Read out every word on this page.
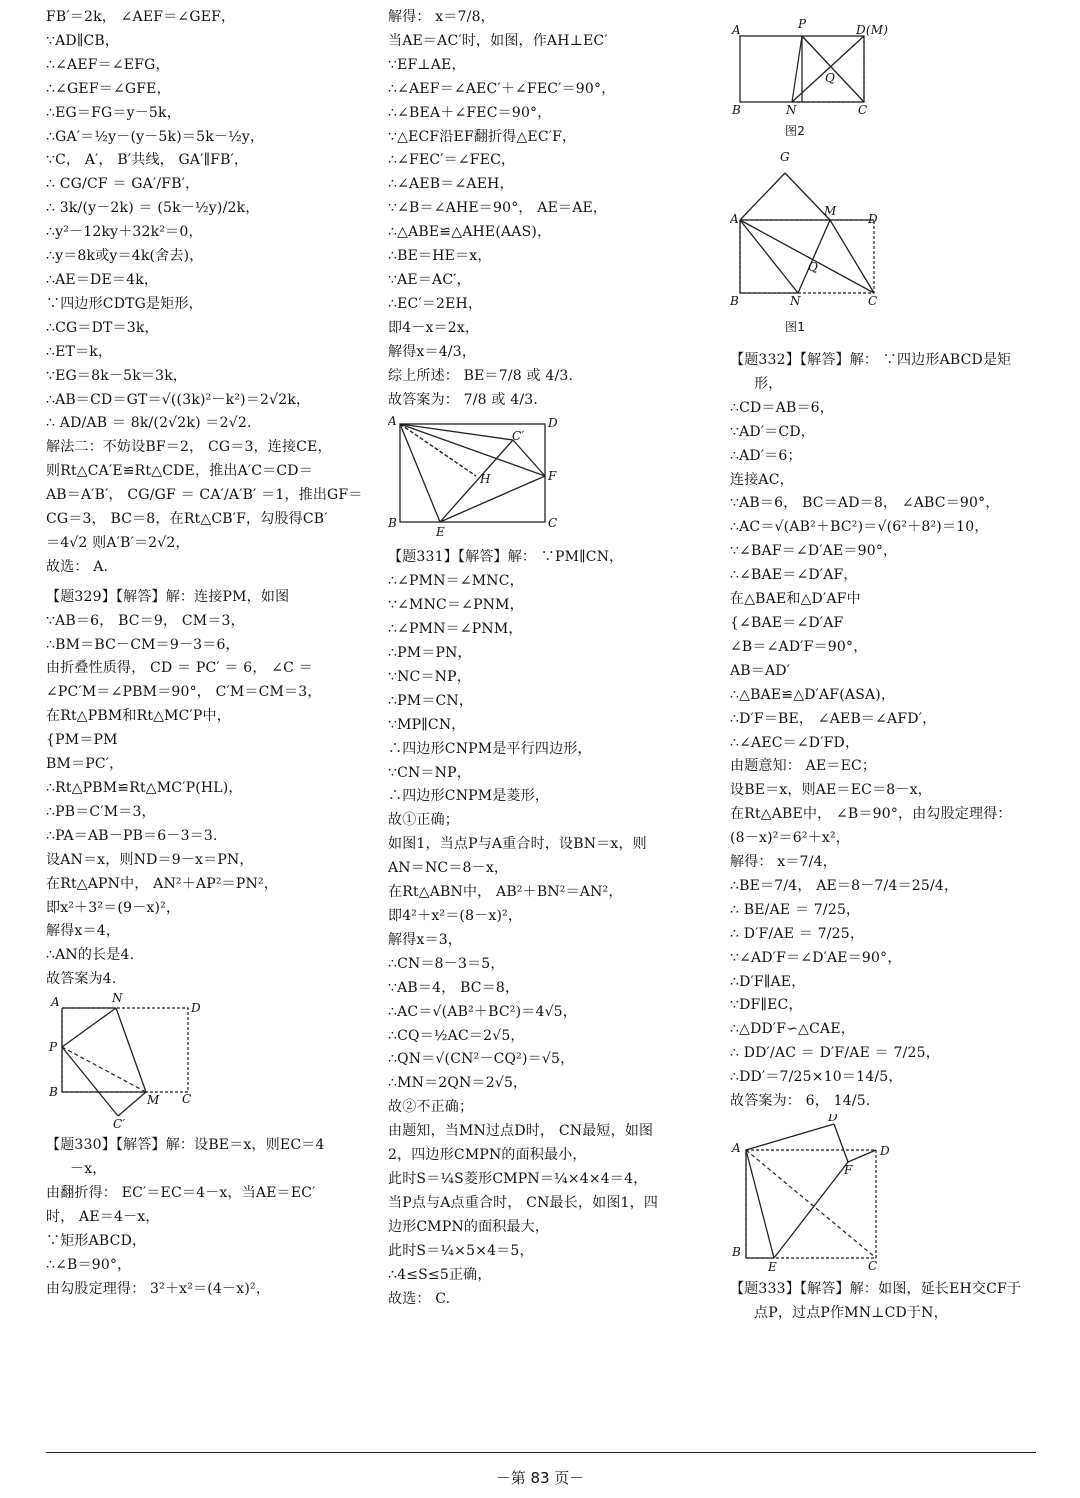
FB′＝2k， ∠AEF＝∠GEF，
∵AD∥CB，
∴∠AEF＝∠EFG，
∴∠GEF＝∠GFE，
∴EG＝FG＝y－5k，
∴GA′＝½y－(y－5k)＝5k－½y，
∵C， A′， B′共线， GA′∥FB′，
∴ CG/CF ＝ GA′/FB′，
∴ 3k/(y－2k) ＝ (5k－½y)/2k，
∴y²－12ky＋32k²＝0，
∴y＝8k或y＝4k(舍去)，
∴AE＝DE＝4k，
∵四边形CDTG是矩形，
∴CG＝DT＝3k，
∴ET＝k，
∵EG＝8k－5k＝3k，
∴AB＝CD＝GT＝√((3k)²－k²)＝2√2k，
∴ AD/AB ＝ 8k/(2√2k) ＝2√2.
解法二：不妨设BF＝2， CG＝3，连接CE，
则Rt△CA′E≌Rt△CDE，推出A′C＝CD＝
AB＝A′B′， CG/GF ＝ CA′/A′B′ ＝1，推出GF＝
CG＝3， BC＝8，在Rt△CB′F，勾股得CB′
＝4√2 则A′B′＝2√2，
故选： A.
【题329】【解答】解：连接PM，如图
∵AB＝6， BC＝9， CM＝3，
∴BM＝BC－CM＝9－3＝6，
由折叠性质得， CD ＝ PC′ ＝ 6， ∠C ＝
∠PC′M＝∠PBM＝90°， C′M＝CM＝3，
在Rt△PBM和Rt△MC′P中，
{PM＝PM
BM＝PC′，
∴Rt△PBM≌Rt△MC′P(HL)，
∴PB＝C′M＝3，
∴PA＝AB－PB＝6－3＝3.
设AN＝x，则ND＝9－x＝PN，
在Rt△APN中， AN²＋AP²＝PN²，
即x²＋3²＝(9－x)²，
解得x＝4，
∴AN的长是4.
故答案为4.
A	N
D
P
B
M C
C′
【题330】【解答】解：设BE＝x，则EC＝4
－x，
由翻折得： EC′＝EC＝4－x，当AE＝EC′
时， AE＝4－x，
∵矩形ABCD，
∴∠B＝90°，
由勾股定理得： 3²＋x²＝(4－x)²，
解得： x＝7/8，
当AE＝AC′时，如图，作AH⊥EC′
∵EF⊥AE，
∴∠AEF＝∠AEC′＋∠FEC′＝90°，
∴∠BEA＋∠FEC＝90°，
∵△ECF沿EF翻折得△EC′F，
∴∠FEC′＝∠FEC，
∴∠AEB＝∠AEH，
∵∠B＝∠AHE＝90°， AE＝AE，
∴△ABE≌△AHE(AAS)，
∴BE＝HE＝x，
∵AE＝AC′，
∴EC′＝2EH，
即4－x＝2x，
解得x＝4/3，
综上所述： BE＝7/8 或 4/3.
故答案为： 7/8 或 4/3.
A	D
C′
H	F
B
E
C
【题331】【解答】解： ∵PM∥CN，
∴∠PMN＝∠MNC，
∵∠MNC＝∠PNM，
∴∠PMN＝∠PNM，
∴PM＝PN，
∵NC＝NP，
∴PM＝CN，
∵MP∥CN，
∴四边形CNPM是平行四边形，
∵CN＝NP，
∴四边形CNPM是菱形，
故①正确；
如图1，当点P与A重合时，设BN＝x，则
AN＝NC＝8－x，
在Rt△ABN中， AB²＋BN²＝AN²，
即4²＋x²＝(8－x)²，
解得x＝3，
∴CN＝8－3＝5，
∵AB＝4， BC＝8，
∴AC＝√(AB²＋BC²)＝4√5，
∴CQ＝½AC＝2√5，
∴QN＝√(CN²－CQ²)＝√5，
∴MN＝2QN＝2√5，
故②不正确；
由题知，当MN过点D时， CN最短，如图
2，四边形CMPN的面积最小，
此时S＝¼S菱形CMPN＝¼×4×4＝4，
当P点与A点重合时， CN最长，如图1，四
边形CMPN的面积最大，
此时S＝¼×5×4＝5，
∴4≤S≤5正确，
故选： C.
A	P	D(M)
Q
B	N	C
图2
G
A
M
D
Q
B	N	C
图1
【题332】【解答】解： ∵四边形ABCD是矩
形，
∴CD＝AB＝6，
∵AD′＝CD，
∴AD′＝6；
连接AC，
∵AB＝6， BC＝AD＝8， ∠ABC＝90°，
∴AC＝√(AB²＋BC²)＝√(6²＋8²)＝10，
∵∠BAF＝∠D′AE＝90°，
∴∠BAE＝∠D′AF，
在△BAE和△D′AF中
{∠BAE＝∠D′AF
∠B＝∠AD′F＝90°，
AB＝AD′
∴△BAE≌△D′AF(ASA)，
∴D′F＝BE， ∠AEB＝∠AFD′，
∴∠AEC＝∠D′FD，
由题意知： AE＝EC；
设BE＝x，则AE＝EC＝8－x，
在Rt△ABE中， ∠B＝90°，由勾股定理得：
(8－x)²＝6²＋x²，
解得： x＝7/4，
∴BE＝7/4， AE＝8－7/4＝25/4，
∴ BE/AE ＝ 7/25，
∴ D′F/AE ＝ 7/25，
∵∠AD′F＝∠D′AE＝90°，
∴D′F∥AE，
∵DF∥EC，
∴△DD′F∽△CAE，
∴ DD′/AC ＝ D′F/AE ＝ 7/25，
∴DD′＝7/25×10＝14/5，
故答案为： 6， 14/5.
D′
A
F
D
B
E	C
【题333】【解答】解：如图，延长EH交CF于
点P，过点P作MN⊥CD于N，
－第 83 页－
